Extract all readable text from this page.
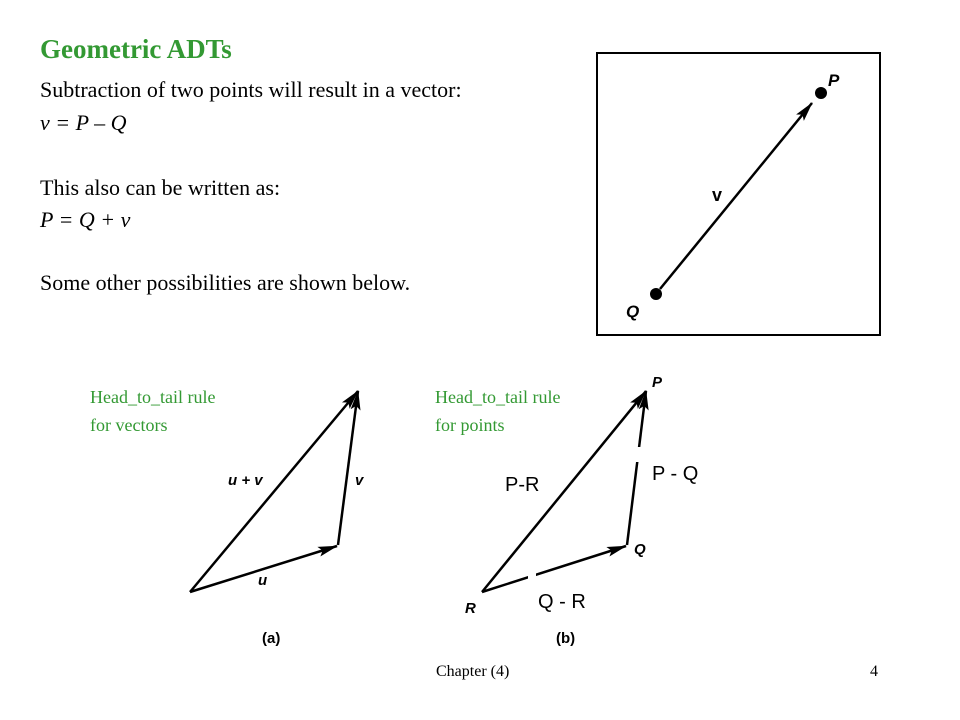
Geometric ADTs
Subtraction of two points will result in a vector:
v = P – Q
This also can be written as:
P = Q + v
Some other possibilities are shown below.
P
Q
v
Head_to_tail rule
for vectors
u + v	v
u
(a)
Head_to_tail rule
for points
P
Q
R
P - Q
P-R
Q - R
(b)
Chapter (4)	4
